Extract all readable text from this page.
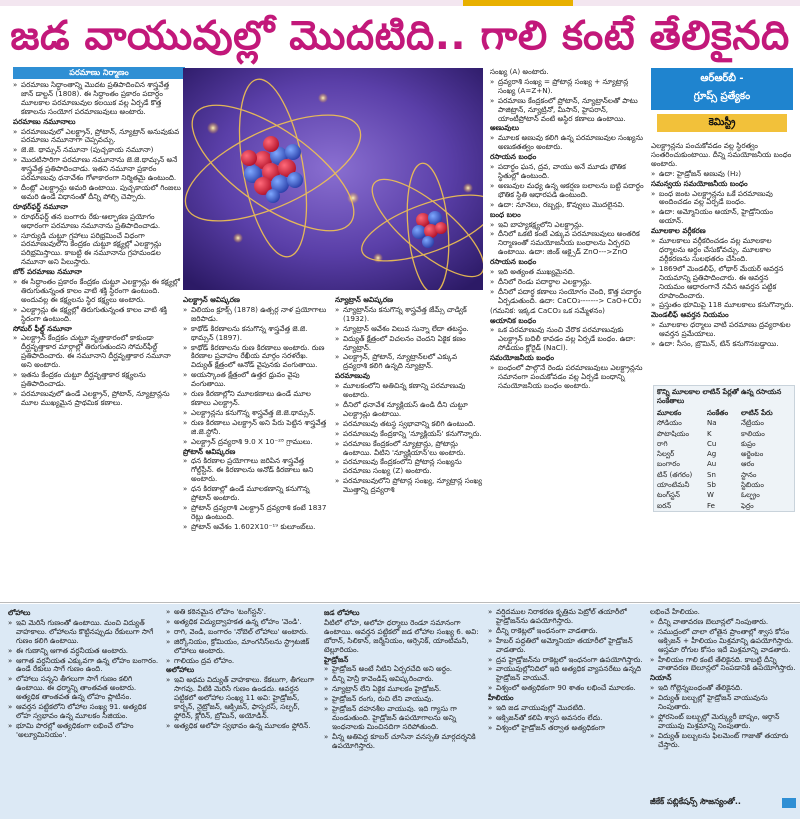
జడ వాయువుల్లో మొదటిది.. గాలి కంటే తేలికైనది
పరమాణు నిర్మాణం

» పరమాణు సిద్ధాంతాన్ని మొదట ప్రతిపాదించిన శాస్త్రవేత్త జాన్ డాల్టన్ (1808). ఈ సిద్ధాంతం ప్రకారం పదార్థం మూలకాల పరమాణువుల కలయిక వల్ల ఏర్పడే కొత్త కణాలను సంయోగ పరమాణువులు అంటారు.

పరమాణు నమూనాలు

» పరమాణువులో ఎలక్ట్రాన్, ప్రోటాన్, న్యూట్రాన్ అనువుకువ పరమాణు నమూనాగా చెప్పవచ్చు.

» జె.జె. థామ్సన్ నమూనా (పుచ్చకాయ నమూనా)

» మొదటిసారిగా పరమాణు నమూనాను జె.జె.థామ్సన్ అనే శాస్త్రవేత్త ప్రతిపాదించాడు. ఇతని నమూనా ప్రకారం పరమాణువు ధనావేశం గోళాకారంగా నిర్మితమై ఉంటుంది.

» దీంట్లో ఎలక్ట్రాన్లు అమరి ఉంటాయి. పుచ్చకాయలో గింజలు అమరి ఉండే విధానంతో దీన్ని పోల్చి చెప్పారు.

రూథర్‌ఫర్డ్ నమూనా

» రూథర్‌ఫర్డ్ తన బంగారు రేకు-ఆల్ఫాకణ ప్రయోగం ఆధారంగా పరమాణు నమూనాను ప్రతిపాదించాడు.

» సూర్యుడి చుట్టూ గ్రహాలు పరిభ్రమించే విధంగా పరమాణువులోని కేంద్రకం చుట్టూ కక్ష్యల్లో ఎలక్ట్రాన్లు పరిభ్రమిస్తాయి. కాబట్టి ఈ నమూనాను గ్రహమండల నమూనా అని పిలుస్తారు.

బోర్ పరమాణు నమూనా

» ఈ సిద్ధాంతం ప్రకారం కేంద్రకం చుట్టూ ఎలక్ట్రాన్లు ఈ కక్ష్యల్లో తిరుగుతున్నంత కాలం వాటి శక్తి స్థిరంగా ఉంటుంది. అందువల్ల ఈ కక్ష్యలను స్థిర కక్ష్యలు అంటారు.

» ఎలక్ట్రాన్లు ఈ కక్ష్యల్లో తిరుగుతున్నంత కాలం వాటి శక్తి స్థిరంగా ఉంటుంది.

సోమర్ ఫీల్డ్ నమూనా

» ఎలక్ట్రాన్ కేంద్రకం చుట్టూ వృత్తాకారంలో కాకుండా దీర్ఘవృత్తాకార మార్గాల్లో తిరుగుతుందని సోమర్‌ఫీల్డ్ ప్రతిపాదించారు. ఈ నమూనాని దీర్ఘవృత్తాకార నమూనా అని అంటారు.

» ఇతను కేంద్రకం చుట్టూ దీర్ఘవృత్తాకార కక్ష్యలను ప్రతిపాదించాడు.

» పరమాణువులో ఉండే ఎలక్ట్రాన్, ప్రోటాన్, న్యూట్రాన్లను మూల ముఖ్యమైన ప్రాథమిక కణాలు.

ఎలక్ట్రాన్ ఆవిష్కరణ

» విలియం క్రూక్స్ (1878) ఉత్సర్గ నాళ ప్రయోగాలు జరిపాడు.

» కాథోడ్ కిరణాలను కనుగొన్న శాస్త్రవేత్త జె.జె. థామ్సన్ (1897).

» కాథోడ్ కిరణాలను రుణ కిరణాలు అంటారు. రుణ కిరణాల ప్రవాహం రేఖీయ మార్గం సరళరేఖ. విద్యుత్ క్షేత్రంలో ఆనోడ్ వైపునకు వంగుతాయి.

» అయస్కాంత క్షేత్రంలో ఉత్తర ధ్రువం వైపు వంగుతాయి.

» రుణ కిరణాల్లోని మూలకణాలు ఉండే మూల కణాలు ఎలక్ట్రాన్.

» ఎలక్ట్రాన్లను కనుగొన్న శాస్త్రవేత్త జె.జె.థామ్సన్.

» రుణ కిరణాలు ఎలక్ట్రాన్ అని పేరు పెట్టిన శాస్త్రవేత్త జి.జె.స్టోనీ.

» ఎలక్ట్రాన్ ద్రవ్యరాశి 9.0 X 10⁻²⁸ గ్రాములు.

ప్రోటాన్ ఆవిష్కరణ

» ధన కిరణాల ప్రయోగాలు జరిపిన శాస్త్రవేత్త గోల్డ్‌స్టీన్. ఈ కిరణాలను ఆనోడ్ కిరణాలు అని అంటారు.

» ధన కిరణాల్లో ఉండే మూలకణాన్ని కనుగొన్న ప్రోటాన్ అంటారు.

» ప్రోటాన్ ద్రవ్యరాశి ఎలక్ట్రాన్ ద్రవ్యరాశి కంటే 1837 రెట్లు ఉంటుంది.

» ప్రోటాన్ ఆవేశం 1.602X10⁻¹⁹ కులూంబ్‌లు.

న్యూట్రాన్ ఆవిష్కరణ

» న్యూట్రాన్‌ను కనుగొన్న శాస్త్రవేత్త జేమ్స్ చాడ్విక్ (1932).

» న్యూట్రాన్ ఆవేశం విలువ సున్నా లేదా తటస్థం.

» విద్యుత్ క్షేత్రంలో విచలనం చెందని ఏకైక కణం న్యూట్రాన్.

» ఎలక్ట్రాన్, ప్రోటాన్, న్యూట్రాన్‌లలో ఎక్కువ ద్రవ్యరాశి కలిగి ఉన్నది న్యూట్రాన్.

పరమాణువు

» మూలకంలోని అతిచిన్న కణాన్ని పరమాణువు అంటారు.

» దీనిలో ధనావేశ న్యూక్లియస్ ఉండి దీని చుట్టూ ఎలక్ట్రాన్లు ఉంటాయి.

» పరమాణువు తటస్థ స్వభావాన్ని కలిగి ఉంటుంది.

» పరమాణువు కేంద్రకాన్ని 'న్యూక్లియస్' కనుగొన్నారు.

» పరమాణు కేంద్రకంలో న్యూట్రాన్లు, ప్రోటాన్లు ఉంటాయి. వీటిని 'న్యూక్లియాన్'లు అంటారు.

» పరమాణువు కేంద్రకంలోని ప్రోటాన్ల సంఖ్యను పరమాణు సంఖ్య (Z) అంటారు.

» పరమాణువులోని ప్రోటాన్ల సంఖ్య, న్యూట్రాన్ల సంఖ్య మొత్తాన్ని ద్రవ్యరాశి

సంఖ్య (A) అంటారు.

» ద్రవ్యరాశి సంఖ్య = ప్రోటాన్ల సంఖ్య + న్యూట్రాన్ల సంఖ్య (A=Z+N).

» పరమాణు కేంద్రకంలో ప్రోటాన్, న్యూట్రాన్‌లతో పాటు పాజిట్రాన్, న్యూట్రినో, మీసాన్, హైపరాన్, యాంటీప్రోటాన్ వంటి అస్థిర కణాలు ఉంటాయి.

అణువులు

» మూలక అణువు కలిగి ఉన్న పరమాణువుల సంఖ్యను అణుకతత్వం అంటారు.

రసాయన బంధం

» పదార్థం ఘన, ద్రవ, వాయు అనే మూడు భౌతిక స్థితుల్లో ఉంటుంది.

» అణువుల మధ్య ఉన్న ఆకర్షణ బలాలను బట్టి పదార్థం భౌతిక స్థితి ఆధారపడి ఉంటుంది.

» ఉదా: నూనెలు, రబ్బర్లు, కొవ్వులు మొదలైనవి.

బంధ బలం

» ఇవి బాహ్యకక్ష్యలోని ఎలక్ట్రాన్లు.

» దీనిలో ఒకటి కంటే ఎక్కువ పరమాణువులు అంతరిక నిర్మాణంతో సమయోజనీయ బంధాలను ఏర్పరచి ఉంటాయి. ఉదా: జింక్ ఆక్సైడ్ ZnO--->ZnO

రసాయన బంధం

» ఇది అత్యంత ముఖ్యమైనది.

» దీనిలో రెండు పదార్థాల ఎలక్ట్రాన్లు.

» దీనిలో పదార్థ కణాలు సంయోగం చెంది, కొత్త పదార్థం ఏర్పడుతుంది. ఉదా: CaCO₃-------> CaO+CO₂

(గమనిక: ఇక్కడ CaCO₃ ఒక సమ్మేళనం)

అయానిక బంధం

» ఒక పరమాణువు నుంచి వేరొక పరమాణువుకు ఎలక్ట్రాన్ బదిలీ కావడం వల్ల ఏర్పడే బంధం. ఉదా: సోడియం క్లోరైడ్ (NaCl).

సమయోజనీయ బంధం

» బంధంలో పాల్గొనే రెండు పరమాణువులు ఎలక్ట్రాన్లను సమానంగా పంచుకోవడం వల్ల ఏర్పడే బంధాన్ని సమయోజనీయ బంధం అంటారు.

ఆర్ఆర్‌బీ -
గ్రూప్స్ ప్రత్యేకం
కెమిస్ట్రీ

ఎలక్ట్రాన్లను పంచుకోవడం వల్ల స్థిరత్వం సంతరించుకుంటాయి. దీన్ని సమయోజనీయ బంధం అంటారు.

» ఉదా: హైడ్రోజన్ అణువు (H₂)

సమన్వయ సమయోజనీయ బంధం

» బంధ జంట ఎలక్ట్రాన్లను ఒకే పరమాణువు అందించడం వల్ల ఏర్పడే బంధం.

» ఉదా: అమ్మోనియం అయాన్, హైడ్రోనియం అయాన్.

మూలకాల వర్గీకరణ

» మూలకాలు వర్గీకరించడం వల్ల మూలకాల ధర్మాలను అర్థం చేసుకోవచ్చు. మూలకాల వర్గీకరణను సులభతరం చేసింది.

» 1869లో మెండలీఫ్, లోథార్ మేయర్ ఆవర్తన నియమాన్ని ప్రతిపాదించారు. ఈ ఆవర్తన నియమం ఆధారంగానే నవీన ఆవర్తన పట్టిక రూపొందించారు.

» ప్రస్తుతం భూమిపై 118 మూలకాలు కనుగొన్నారు.

మెండలీఫ్ ఆవర్తన నియమం

» మూలకాల ధర్మాలు వాటి పరమాణు ద్రవ్యరాశుల ఆవర్తన ప్రమేయాలు.

» ఉదా: సీసం, బ్రొమిన్, టిన్ కనుగొనబడ్డాయి.

కొన్ని మూలకాల లాటిన్ పేర్లతో ఉన్న రసాయన సంకేతాలు
మూలకం	సంకేతం	లాటిన్ పేరు
సోడియం	Na	నేట్రియం
పొటాషియం	K	కాలియం
రాగి	Cu	కుప్రం
సిల్వర్	Ag	అర్జెంటం
బంగారం	Au	ఆరం
టిన్ (తగరం)	Sn	స్టానం
యాంటిమనీ	Sb	స్టిబియం
టంగ్‌స్టన్	W	ఓల్ఫ్రం
ఐరన్	Fe	ఫెర్రం

లోహాలు

» ఇవి మెరిసే గుణంతో ఉంటాయి. మంచి విద్యుత్ వాహకాలు. లోహాలను కొట్టినప్పుడు రేకులుగా సాగే గుణం కలిగి ఉంటాయి.

» ఈ గుణాన్ని ఆగాత వర్ధనీయత అంటారు.

» ఆగాత వర్ధనీయత ఎక్కువగా ఉన్న లోహం బంగారం. ఉండే రేకులు సాగే గుణం ఉంది.

» లోహాలు సన్నని తీగలుగా సాగే గుణం కలిగి ఉంటాయి. ఈ ధర్మాన్ని తాంతవత అంటారు. అత్యధిక తాంతవత ఉన్న లోహం ప్లాటినం.

» ఆవర్తన పట్టికలోని లోహాల సంఖ్య 91. అత్యధిక లోహ స్వభావం ఉన్న మూలకం సీజియం.

» భూమి పొరల్లో అత్యధికంగా లభించే లోహం 'అల్యూమినియం'.

» అతి కఠినమైన లోహం 'టంగ్‌స్టన్'.

» అత్యధిక విద్యుద్వాహకత ఉన్న లోహం 'వెండి'.

» రాగి, వెండి, బంగారం 'నోబెల్ లోహాలు' అంటారు.

» జిర్కోనియం, క్రోమియం, మాంగనీస్‌లను స్ట్రాటజిక్ లోహాలు అంటారు.

» గాలియం ద్రవ లోహం.

అలోహాలు

» ఇవి అథమ విద్యుత్ వాహకాలు. కేకలుగా, తీగలుగా సాగవు. వీటికి మెరిసే గుణం ఉండదు. ఆవర్తన పట్టికలో అలోహాల సంఖ్య 11 అవి: హైడ్రోజన్, కార్బన్, నైట్రోజన్, ఆక్సిజన్, ఫాస్ఫరస్, సల్ఫర్, ఫ్లోరిన్, క్లోరిన్, బ్రోమిన్, అయోడిన్.

» అత్యధిక అలోహ స్వభావం ఉన్న మూలకం ఫ్లోరిన్.

జడ లోహాలు

వీటిలో లోహ, అలోహ ధర్మాలు రెండూ సమానంగా ఉంటాయి. ఆవర్తన పట్టికలో జడ లోహాల సంఖ్య 6. అవి: బోరాన్, సిలికాన్, జర్మేనియం, ఆర్సెనిక్, యాంటిమనీ, టెల్లూరియం.

హైడ్రోజన్

» హైడ్రోజన్ అంటే నీటిని ఏర్పరచేది అని అర్థం.

» దీన్ని హెన్రీ కావెండిష్ ఆవిష్కరించారు.

» న్యూట్రాన్ లేని ఏకైక మూలకం హైడ్రోజన్.

» హైడ్రోజన్ రంగు, రుచి లేని వాయువు.

» హైడ్రోజన్ దహనశీల వాయువు. ఇది గ్యాసు గా మండుతుంది. హైడ్రోజన్ ఉపయోగాలను అన్ని ఇంధనాలకు మించినదిగా సరిపోతుంది.

» వీన్న అతిపెద్ద కూబర్ చూసినా వనస్పతి మార్గదర్శనికి ఉపయోగిస్తారు.

» వర్షిదముల నిరాకరణ కృత్రిమ పెట్రోల్ తయారీలో హైడ్రోజన్‌ను ఉపయోగిస్తారు.

» దీన్ని రాకెట్లలో ఇంధనంగా వాడతారు.

» హేబర్ పద్ధతిలో అమ్మోనియా తయారీలో హైడ్రోజన్ వాడతారు.

» ద్రవ హైడ్రోజన్‌ను రాకెట్లలో ఇంధనంగా ఉపయోగిస్తారు.

» వాయువుల్లోనిదిలో ఇది అత్యధిక వ్యాపనరేటు ఉన్నది హైడ్రోజన్ వాయువే.

» విశ్వంలో అత్యధికంగా 90 శాతం లభించే మూలకం.

హీలియం

» ఇది జడ వాయువుల్లో మొదటిది.

» ఆక్సిజన్‌తో కలిపి శ్వాస అవసరం లేదు.

» విశ్వంలో హైడ్రోజన్ తర్వాత అత్యధికంగా

లభించే హీలియం.

» దీన్ని వాతావరణ బెలూన్లలో నింపుతారు.

» సముద్రంలో చాలా లోతైన ప్రాంతాల్లో శ్వాస కోసం ఆక్సిజన్ + హీలియం మిశ్రమాన్ని ఉపయోగిస్తారు. ఆస్తమా రోగుల కోసం ఇదే మిశ్రమాన్ని వాడతారు.

» హీలియం గాలి కంటే తేలికైనది. కాబట్టి దీన్ని వాతావరణ బెలూన్లలో నింపడానికి ఉపయోగిస్తారు.

నియాన్

» ఇది గోల్లెన్నబంధంతో తేలికైనది.

» విద్యుత్ బల్బుల్లో హైడ్రోజన్ వాయువును నింపుతారు.

» ఫ్లోరసెంట్ బల్బుల్లో మెర్క్యురీ బాష్పం, ఆర్గాన్ వాయువు మిశ్రమాన్ని నింపుతారు.

» విద్యుత్ బల్బులను ఫిలమెంట్ గాజుతో తయారు చేస్తారు.

జీకేక్ పబ్లికేషన్స్ సౌజన్యంతో..
